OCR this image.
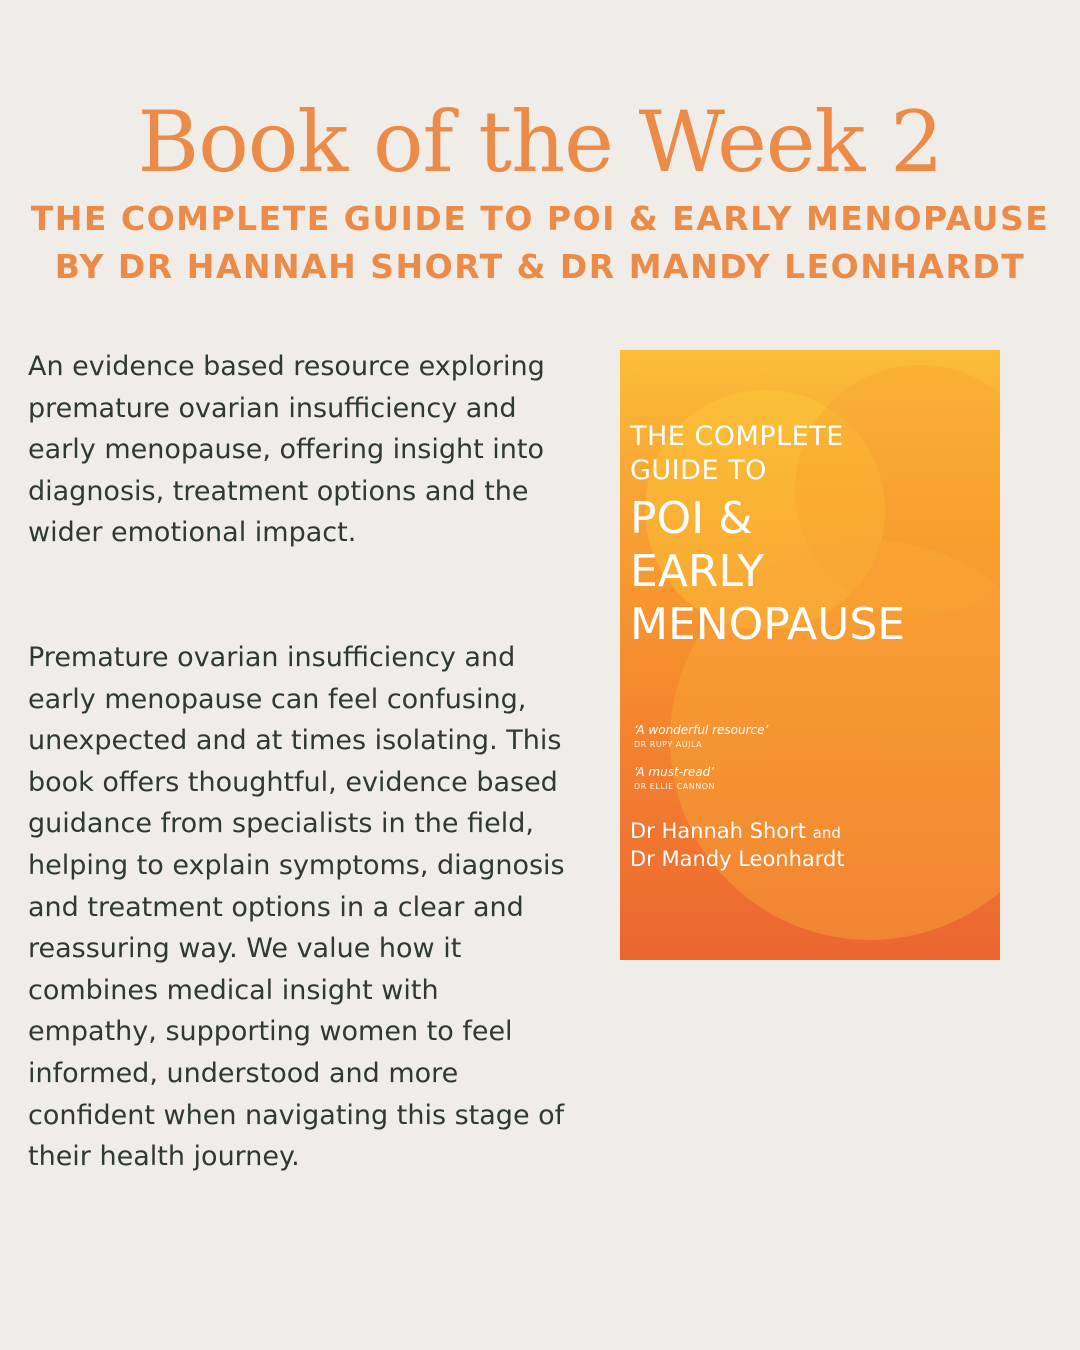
Book of the Week 2
THE COMPLETE GUIDE TO POI & EARLY MENOPAUSE
BY DR HANNAH SHORT & DR MANDY LEONHARDT

An evidence based resource exploring premature ovarian insufficiency and early menopause, offering insight into diagnosis, treatment options and the wider emotional impact.

Premature ovarian insufficiency and early menopause can feel confusing, unexpected and at times isolating. This book offers thoughtful, evidence based guidance from specialists in the field, helping to explain symptoms, diagnosis and treatment options in a clear and reassuring way. We value how it combines medical insight with empathy, supporting women to feel informed, understood and more confident when navigating this stage of their health journey.

THE COMPLETE
GUIDE TO
POI &
EARLY
MENOPAUSE
‘A wonderful resource’
DR RUPY AUJLA
‘A must-read’
DR ELLIE CANNON
Dr Hannah Short and
Dr Mandy Leonhardt
